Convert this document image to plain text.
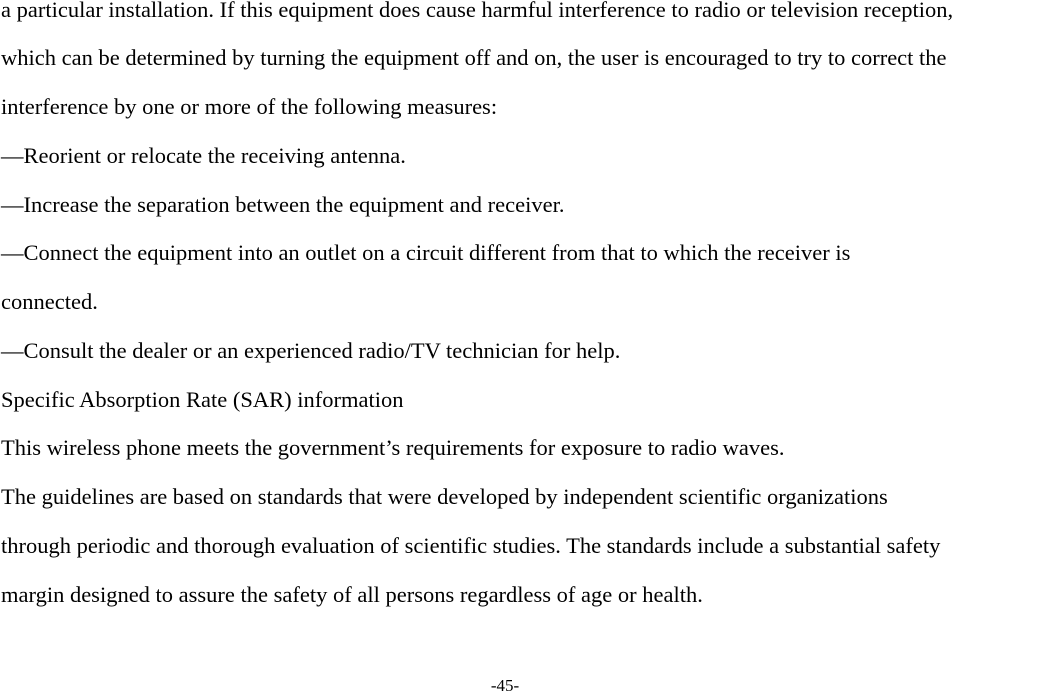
a particular installation. If this equipment does cause harmful interference to radio or television reception,
which can be determined by turning the equipment off and on, the user is encouraged to try to correct the
interference by one or more of the following measures:
—Reorient or relocate the receiving antenna.
—Increase the separation between the equipment and receiver.
—Connect the equipment into an outlet on a circuit different from that to which the receiver is
connected.
—Consult the dealer or an experienced radio/TV technician for help.
Specific Absorption Rate (SAR) information
This wireless phone meets the government’s requirements for exposure to radio waves.
The guidelines are based on standards that were developed by independent scientific organizations
through periodic and thorough evaluation of scientific studies. The standards include a substantial safety
margin designed to assure the safety of all persons regardless of age or health.
-45-
